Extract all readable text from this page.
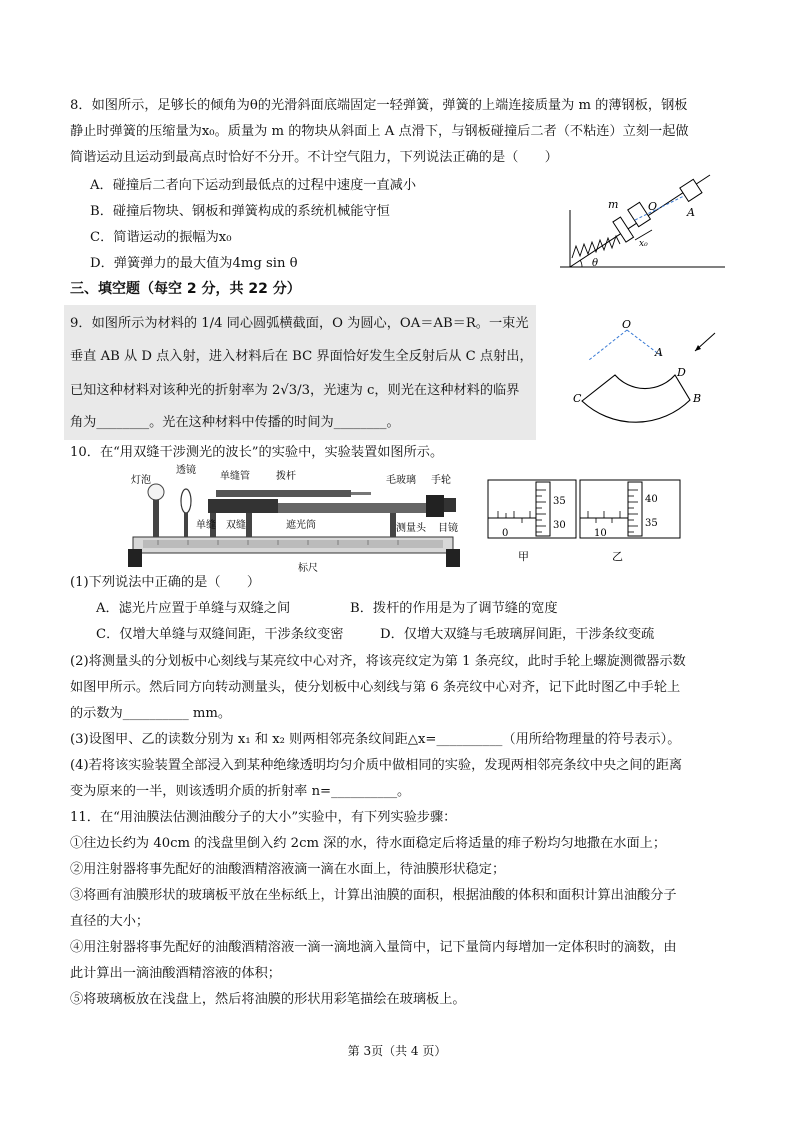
8．如图所示，足够长的倾角为θ的光滑斜面底端固定一轻弹簧，弹簧的上端连接质量为 m 的薄钢板，钢板
静止时弹簧的压缩量为x₀。质量为 m 的物块从斜面上 A 点滑下，与钢板碰撞后二者（不粘连）立刻一起做
简谐运动且运动到最高点时恰好不分开。不计空气阻力，下列说法正确的是（　　）
A．碰撞后二者向下运动到最低点的过程中速度一直减小
B．碰撞后物块、钢板和弹簧构成的系统机械能守恒
C．简谐运动的振幅为x₀
D．弹簧弹力的最大值为4mg sin θ
m	O	A
x₀
θ
三、填空题（每空 2 分，共 22 分）
9．如图所示为材料的 1/4 同心圆弧横截面，O 为圆心，OA＝AB＝R。一束光
垂直 AB 从 D 点入射，进入材料后在 BC 界面恰好发生全反射后从 C 点射出，
已知这种材料对该种光的折射率为 2√3/3，光速为 c，则光在这种材料的临界
角为________。光在这种材料中传播的时间为________。
O
A
D
B
C
10．在“用双缝干涉测光的波长”的实验中，实验装置如图所示。
灯泡
透镜
单缝管	拨杆	毛玻璃 手轮
单缝 双缝	遮光筒	测量头 目镜
标尺
0
35
30
甲
10
40
35
乙
(1)下列说法中正确的是（　　）
A．滤光片应置于单缝与双缝之间	B．拨杆的作用是为了调节缝的宽度
C．仅增大单缝与双缝间距，干涉条纹变密	D．仅增大双缝与毛玻璃屏间距，干涉条纹变疏
(2)将测量头的分划板中心刻线与某亮纹中心对齐，将该亮纹定为第 1 条亮纹，此时手轮上螺旋测微器示数
如图甲所示。然后同方向转动测量头，使分划板中心刻线与第 6 条亮纹中心对齐，记下此时图乙中手轮上
的示数为__________ mm。
(3)设图甲、乙的读数分别为 x₁ 和 x₂ 则两相邻亮条纹间距△x=__________（用所给物理量的符号表示）。
(4)若将该实验装置全部浸入到某种绝缘透明均匀介质中做相同的实验，发现两相邻亮条纹中央之间的距离
变为原来的一半，则该透明介质的折射率 n=__________。
11．在“用油膜法估测油酸分子的大小”实验中，有下列实验步骤：
①往边长约为 40cm 的浅盘里倒入约 2cm 深的水，待水面稳定后将适量的痱子粉均匀地撒在水面上；
②用注射器将事先配好的油酸酒精溶液滴一滴在水面上，待油膜形状稳定；
③将画有油膜形状的玻璃板平放在坐标纸上，计算出油膜的面积，根据油酸的体积和面积计算出油酸分子
直径的大小；
④用注射器将事先配好的油酸酒精溶液一滴一滴地滴入量筒中，记下量筒内每增加一定体积时的滴数，由
此计算出一滴油酸酒精溶液的体积；
⑤将玻璃板放在浅盘上，然后将油膜的形状用彩笔描绘在玻璃板上。
第 3页（共 4 页）
